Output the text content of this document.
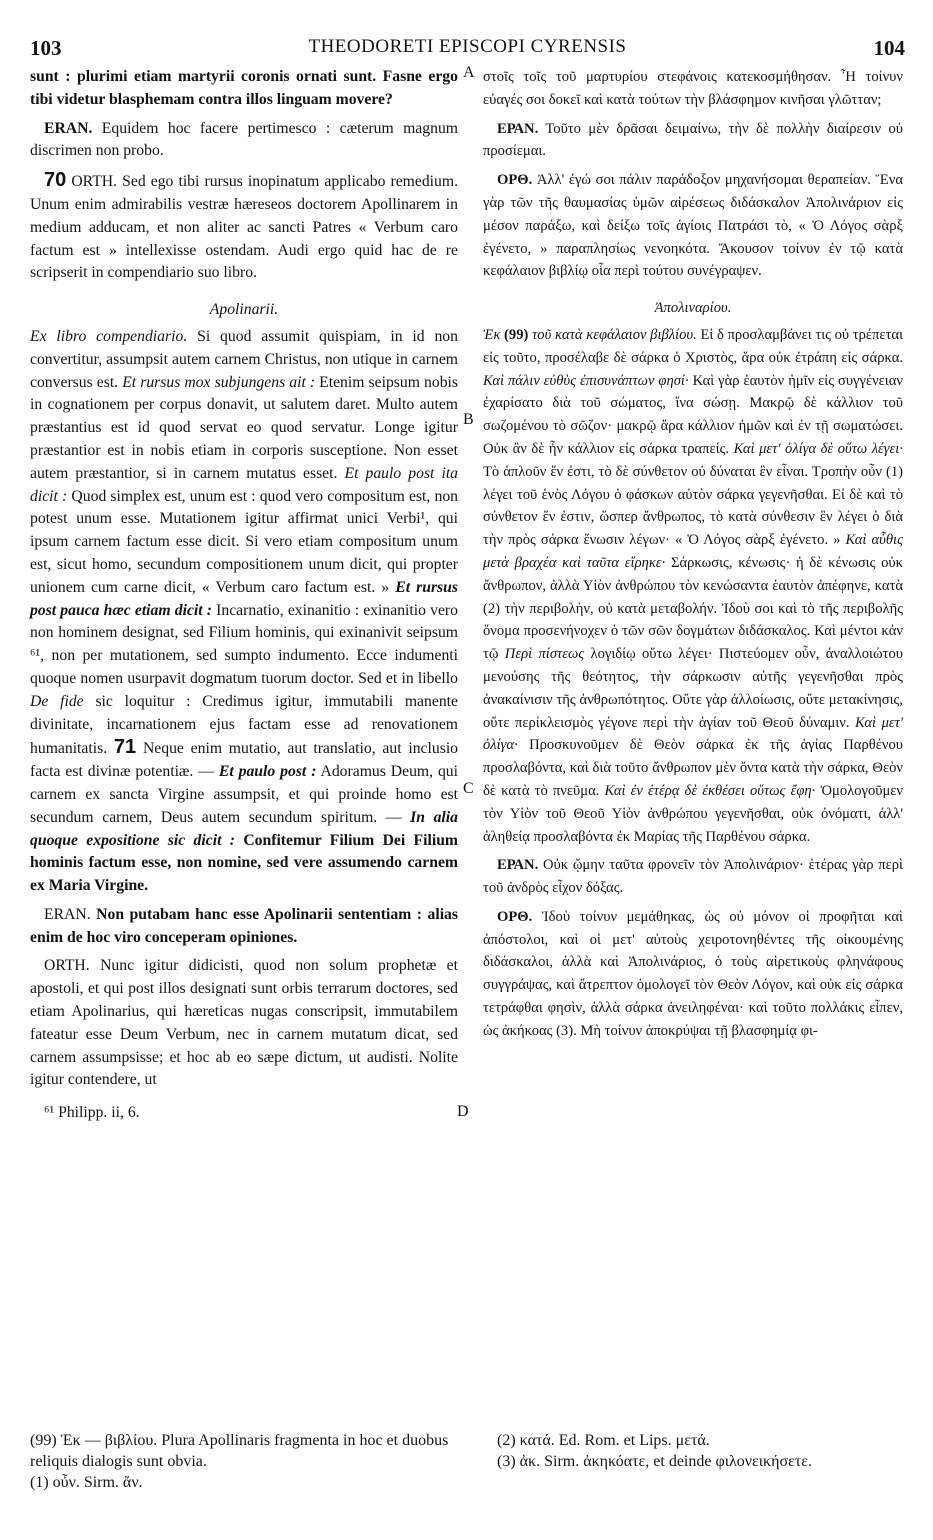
103	THEODORETI EPISCOPI CYRENSIS	104
A
B
C
D

sunt : plurimi etiam martyrii coronis ornati sunt. Fasne ergo tibi videtur blasphemam contra illos linguam movere?

ERAN. Equidem hoc facere pertimesco : cæterum magnum discrimen non probo.

70 ORTH. Sed ego tibi rursus inopinatum applicabo remedium. Unum enim admirabilis vestræ hæreseos doctorem Apollinarem in medium adducam, et non aliter ac sancti Patres « Verbum caro factum est » intellexisse ostendam. Audi ergo quid hac de re scripserit in compendiario suo libro.

Apolinarii.

Ex libro compendiario. Si quod assumit quispiam, in id non convertitur, assumpsit autem carnem Christus, non utique in carnem conversus est. Et rursus mox subjungens ait : Etenim seipsum nobis in cognationem per corpus donavit, ut salutem daret. Multo autem præstantius est id quod servat eo quod servatur. Longe igitur præstantior est in nobis etiam in corporis susceptione. Non esset autem præstantior, si in carnem mutatus esset. Et paulo post ita dicit : Quod simplex est, unum est : quod vero compositum est, non potest unum esse. Mutationem igitur affirmat unici Verbi¹, qui ipsum carnem factum esse dicit. Si vero etiam compositum unum est, sicut homo, secundum compositionem unum dicit, qui propter unionem cum carne dicit, « Verbum caro factum est. » Et rursus post pauca hæc etiam dicit : Incarnatio, exinanitio : exinanitio vero non hominem designat, sed Filium hominis, qui exinanivit seipsum ⁶¹, non per mutationem, sed sumpto indumento. Ecce indumenti quoque nomen usurpavit dogmatum tuorum doctor. Sed et in libello De fide sic loquitur : Credimus igitur, immutabili manente divinitate, incarnationem ejus factam esse ad renovationem humanitatis. 71 Neque enim mutatio, aut translatio, aut inclusio facta est divinæ potentiæ. — Et paulo post : Adoramus Deum, qui carnem ex sancta Virgine assumpsit, et qui proinde homo est secundum carnem, Deus autem secundum spiritum. — In alia quoque expositione sic dicit : Confitemur Filium Dei Filium hominis factum esse, non nomine, sed vere assumendo carnem ex Maria Virgine.

ERAN. Non putabam hanc esse Apolinarii sententiam : alias enim de hoc viro conceperam opiniones.

ORTH. Nunc igitur didicisti, quod non solum prophetæ et apostoli, et qui post illos designati sunt orbis terrarum doctores, sed etiam Apolinarius, qui hæreticas nugas conscripsit, immutabilem fateatur esse Deum Verbum, nec in carnem mutatum dicat, sed carnem assumpsisse; et hoc ab eo sæpe dictum, ut audisti. Nolite igitur contendere, ut

⁶¹ Philipp. ii, 6.

στοῖς τοῖς τοῦ μαρτυρίου στεφάνοις κατεκοσμήθησαν. Ἦ τοίνυν εὐαγές σοι δοκεῖ καὶ κατὰ τούτων τὴν βλάσφημον κινῆσαι γλῶτταν;

ΕΡΑΝ. Τοῦτο μὲν δρᾶσαι δειμαίνω, τὴν δὲ πολλὴν διαίρεσιν οὐ προσίεμαι.

ΟΡΘ. Ἀλλ' ἐγώ σοι πάλιν παράδοξον μηχανήσομαι θεραπείαν. Ἕνα γὰρ τῶν τῆς θαυμασίας ὑμῶν αἱρέσεως διδάσκαλον Ἀπολινάριον εἰς μέσον παράξω, καὶ δείξω τοῖς ἁγίοις Πατράσι τὸ, « Ὁ Λόγος σὰρξ ἐγένετο, » παραπλησίως νενοηκότα. Ἄκουσον τοίνυν ἐν τῷ κατὰ κεφάλαιον βιβλίῳ οἷα περὶ τούτου συνέγραψεν.

Ἀπολιναρίου.

Ἐκ (99) τοῦ κατὰ κεφάλαιον βιβλίου. Εἰ δ προσλαμβάνει τις οὐ τρέπεται εἰς τοῦτο, προσέλαβε δὲ σάρκα ὁ Χριστὸς, ἄρα οὐκ ἐτράπη εἰς σάρκα. Καὶ πάλιν εὐθὺς ἐπισυνάπτων φησί· Καὶ γὰρ ἑαυτὸν ἡμῖν εἰς συγγένειαν ἐχαρίσατο διὰ τοῦ σώματος, ἵνα σώσῃ. Μακρῷ δὲ κάλλιον τοῦ σωζομένου τὸ σῶζον· μακρῷ ἄρα κάλλιον ἡμῶν καὶ ἐν τῇ σωματώσει. Οὐκ ἂν δὲ ἦν κάλλιον εἰς σάρκα τραπείς. Καὶ μετ' ὀλίγα δὲ οὕτω λέγει· Τὸ ἁπλοῦν ἕν ἐστι, τὸ δὲ σύνθετον οὐ δύναται ἓν εἶναι. Τροπὴν οὖν (1) λέγει τοῦ ἑνὸς Λόγου ὁ φάσκων αὐτὸν σάρκα γεγενῆσθαι. Εἰ δὲ καὶ τὸ σύνθετον ἕν ἐστιν, ὥσπερ ἄνθρωπος, τὸ κατὰ σύνθεσιν ἓν λέγει ὁ διὰ τὴν πρὸς σάρκα ἕνωσιν λέγων· « Ὁ Λόγος σὰρξ ἐγένετο. » Καὶ αὖθις μετὰ βραχέα καὶ ταῦτα εἴρηκε· Σάρκωσις, κένωσις· ἡ δὲ κένωσις οὐκ ἄνθρωπον, ἀλλὰ Υἱὸν ἀνθρώπου τὸν κενώσαντα ἑαυτὸν ἀπέφηνε, κατὰ (2) τὴν περιβολὴν, οὐ κατὰ μεταβολήν. Ἰδοὺ σοι καὶ τὸ τῆς περιβολῆς ὄνομα προσενήνοχεν ὁ τῶν σῶν δογμάτων διδάσκαλος. Καὶ μέντοι κἀν τῷ Περὶ πίστεως λογιδίῳ οὕτω λέγει· Πιστεύομεν οὖν, ἀναλλοιώτου μενούσης τῆς θεότητος, τὴν σάρκωσιν αὐτῆς γεγενῆσθαι πρὸς ἀνακαίνισιν τῆς ἀνθρωπότητος. Οὔτε γὰρ ἀλλοίωσις, οὔτε μετακίνησις, οὔτε περίκλεισμὸς γέγονε περὶ τὴν ἁγίαν τοῦ Θεοῦ δύναμιν. Καὶ μετ' ὀλίγα· Προσκυνοῦμεν δὲ Θεὸν σάρκα ἐκ τῆς ἁγίας Παρθένου προσλαβόντα, καὶ διὰ τοῦτο ἄνθρωπον μὲν ὄντα κατὰ τὴν σάρκα, Θεὸν δὲ κατὰ τὸ πνεῦμα. Καὶ ἐν ἑτέρᾳ δὲ ἐκθέσει οὕτως ἔφη· Ὁμολογοῦμεν τὸν Υἱὸν τοῦ Θεοῦ Υἱὸν ἀνθρώπου γεγενῆσθαι, οὐκ ὀνόματι, ἀλλ' ἀληθείᾳ προσλαβόντα ἐκ Μαρίας τῆς Παρθένου σάρκα.

ΕΡΑΝ. Οὐκ ᾤμην ταῦτα φρονεῖν τὸν Ἀπολινάριον· ἑτέρας γὰρ περὶ τοῦ ἀνδρὸς εἶχον δόξας.

ΟΡΘ. Ἰδοὺ τοίνυν μεμάθηκας, ὡς οὐ μόνον οἱ προφῆται καὶ ἀπόστολοι, καὶ οἱ μετ' αὐτοὺς χειροτονηθέντες τῆς οἰκουμένης διδάσκαλοι, ἀλλὰ καὶ Ἀπολινάριος, ὁ τοὺς αἱρετικοὺς φληνάφους συγγράψας, καὶ ἄτρεπτον ὁμολογεῖ τὸν Θεὸν Λόγον, καὶ οὐκ εἰς σάρκα τετράφθαι φησὶν, ἀλλὰ σάρκα ἀνειληφέναι· καὶ τοῦτο πολλάκις εἶπεν, ὡς ἀκήκοας (3). Μὴ τοίνυν ἀποκρύψαι τῇ βλασφημίᾳ φι-

(99) Ἐκ — βιβλίου. Plura Apollinaris fragmenta in hoc et duobus reliquis dialogis sunt obvia.
(1) οὖν. Sirm. ἄν.
(2) κατά. Ed. Rom. et Lips. μετά.
(3) ἀκ. Sirm. ἀκηκόατε, et deinde φιλονεικήσετε.
